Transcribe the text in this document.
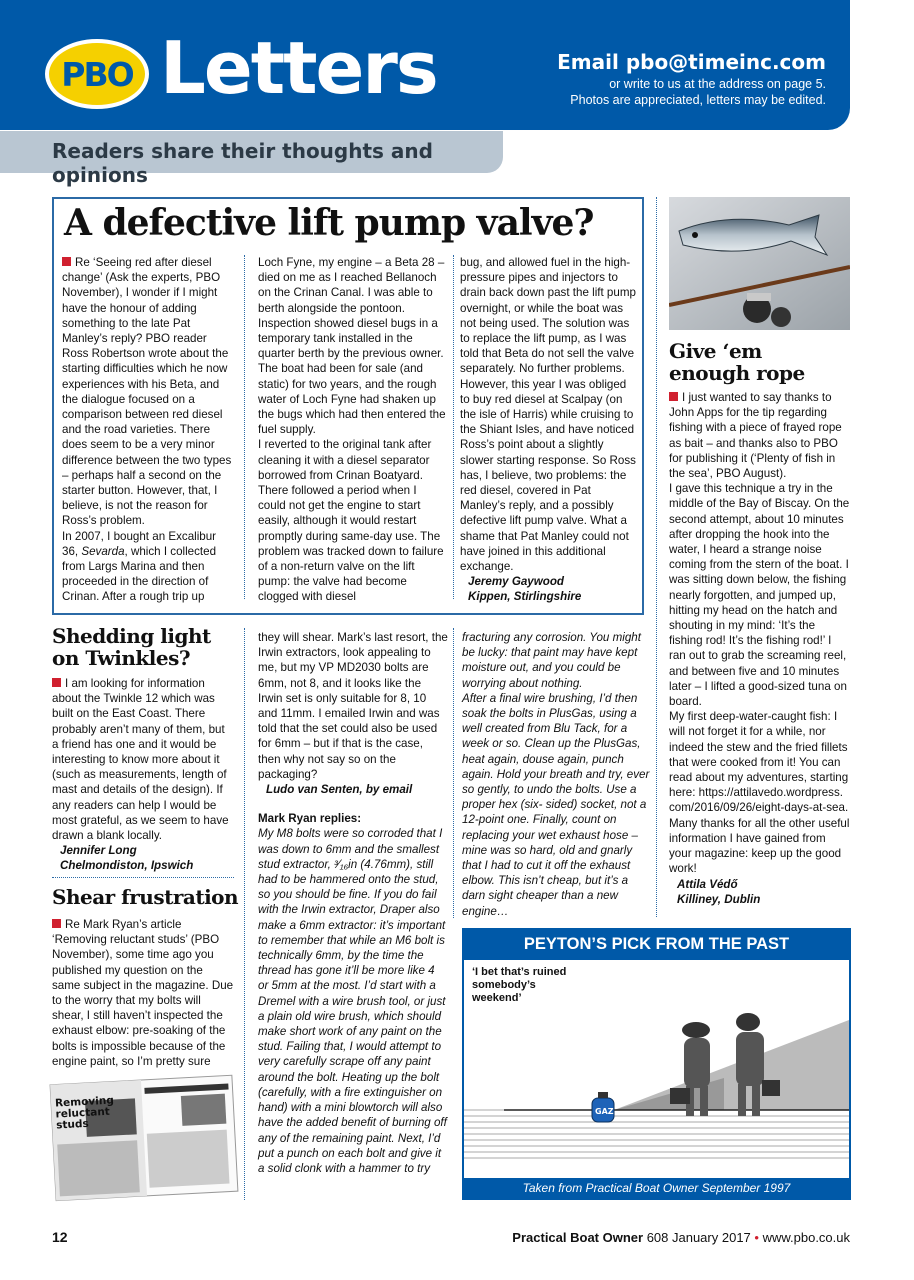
PBO Letters	Email pbo@timeinc.com
or write to us at the address on page 5.
Photos are appreciated, letters may be edited.
Readers share their thoughts and opinions
A defective lift pump valve?

Re ‘Seeing red after diesel change’ (Ask the experts, PBO November), I wonder if I might have the honour of adding something to the late Pat Manley’s reply? PBO reader Ross Robertson wrote about the starting difficulties which he now experiences with his Beta, and the dialogue focused on a comparison between red diesel and the road varieties. There does seem to be a very minor difference between the two types – perhaps half a second on the starter button. However, that, I believe, is not the reason for Ross’s problem.
In 2007, I bought an Excalibur 36, Sevarda, which I collected from Largs Marina and then proceeded in the direction of Crinan. After a rough trip up

Loch Fyne, my engine – a Beta 28 – died on me as I reached Bellanoch on the Crinan Canal. I was able to berth alongside the pontoon. Inspection showed diesel bugs in a temporary tank installed in the quarter berth by the previous owner. The boat had been for sale (and static) for two years, and the rough water of Loch Fyne had shaken up the bugs which had then entered the fuel supply.
I reverted to the original tank after cleaning it with a diesel separator borrowed from Crinan Boatyard. There followed a period when I could not get the engine to start easily, although it would restart promptly during same-day use. The problem was tracked down to failure of a non-return valve on the lift pump: the valve had become clogged with diesel

bug, and allowed fuel in the high-pressure pipes and injectors to drain back down past the lift pump overnight, or while the boat was not being used. The solution was to replace the lift pump, as I was told that Beta do not sell the valve separately. No further problems.
However, this year I was obliged to buy red diesel at Scalpay (on the isle of Harris) while cruising to the Shiant Isles, and have noticed Ross’s point about a slightly slower starting response. So Ross has, I believe, two problems: the red diesel, covered in Pat Manley’s reply, and a possibly defective lift pump valve. What a shame that Pat Manley could not have joined in this additional exchange.

Jeremy Gaywood

Kippen, Stirlingshire

Shedding light
on Twinkles?

I am looking for information about the Twinkle 12 which was built on the East Coast. There probably aren’t many of them, but a friend has one and it would be interesting to know more about it (such as measurements, length of mast and details of the design). If any readers can help I would be most grateful, as we seem to have drawn a blank locally.

Jennifer Long

Chelmondiston, Ipswich

Shear frustration

Re Mark Ryan’s article ‘Removing reluctant studs’ (PBO November), some time ago you published my question on the same subject in the magazine. Due to the worry that my bolts will shear, I still haven’t inspected the exhaust elbow: pre-soaking of the bolts is impossible because of the engine paint, so I’m pretty sure

Removingreluctantstuds

they will shear. Mark’s last resort, the Irwin extractors, look appealing to me, but my VP MD2030 bolts are 6mm, not 8, and it looks like the Irwin set is only suitable for 8, 10 and 11mm. I emailed Irwin and was told that the set could also be used for 6mm – but if that is the case, then why not say so on the packaging?

Ludo van Senten, by email

Mark Ryan replies:

My M8 bolts were so corroded that I was down to 6mm and the smallest stud extractor, ³⁄₁₆in (4.76mm), still had to be hammered onto the stud, so you should be fine. If you do fail with the Irwin extractor, Draper also make a 6mm extractor: it’s important to remember that while an M6 bolt is technically 6mm, by the time the thread has gone it’ll be more like 4 or 5mm at the most. I’d start with a Dremel with a wire brush tool, or just a plain old wire brush, which should make short work of any paint on the stud. Failing that, I would attempt to very carefully scrape off any paint around the bolt. Heating up the bolt (carefully, with a fire extinguisher on hand) with a mini blowtorch will also have the added benefit of burning off any of the remaining paint. Next, I’d put a punch on each bolt and give it a solid clonk with a hammer to try

fracturing any corrosion. You might be lucky: that paint may have kept moisture out, and you could be worrying about nothing.
After a final wire brushing, I’d then soak the bolts in PlusGas, using a well created from Blu Tack, for a week or so. Clean up the PlusGas, heat again, douse again, punch again. Hold your breath and try, ever so gently, to undo the bolts. Use a proper hex (six- sided) socket, not a 12-point one. Finally, count on replacing your wet exhaust hose – mine was so hard, old and gnarly that I had to cut it off the exhaust elbow. This isn’t cheap, but it’s a darn sight cheaper than a new engine…

Give ‘em
enough rope

I just wanted to say thanks to John Apps for the tip regarding fishing with a piece of frayed rope as bait – and thanks also to PBO for publishing it (‘Plenty of fish in the sea’, PBO August).
I gave this technique a try in the middle of the Bay of Biscay. On the second attempt, about 10 minutes after dropping the hook into the water, I heard a strange noise coming from the stern of the boat. I was sitting down below, the fishing nearly forgotten, and jumped up, hitting my head on the hatch and shouting in my mind: ‘It’s the fishing rod! It’s the fishing rod!’ I ran out to grab the screaming reel, and between five and 10 minutes later – I lifted a good-sized tuna on board.
My first deep-water-caught fish: I will not forget it for a while, nor indeed the stew and the fried fillets that were cooked from it! You can read about my adventures, starting here: https://attilavedo.wordpress. com/2016/09/26/eight-days-at-sea.
Many thanks for all the other useful information I have gained from your magazine: keep up the good work!

Attila Védő

Killiney, Dublin

PEYTON’S PICK FROM THE PAST
GAZ
‘I bet that’s ruined somebody’s weekend’
Taken from Practical Boat Owner September 1997
12	Practical Boat Owner 608 January 2017 • www.pbo.co.uk
